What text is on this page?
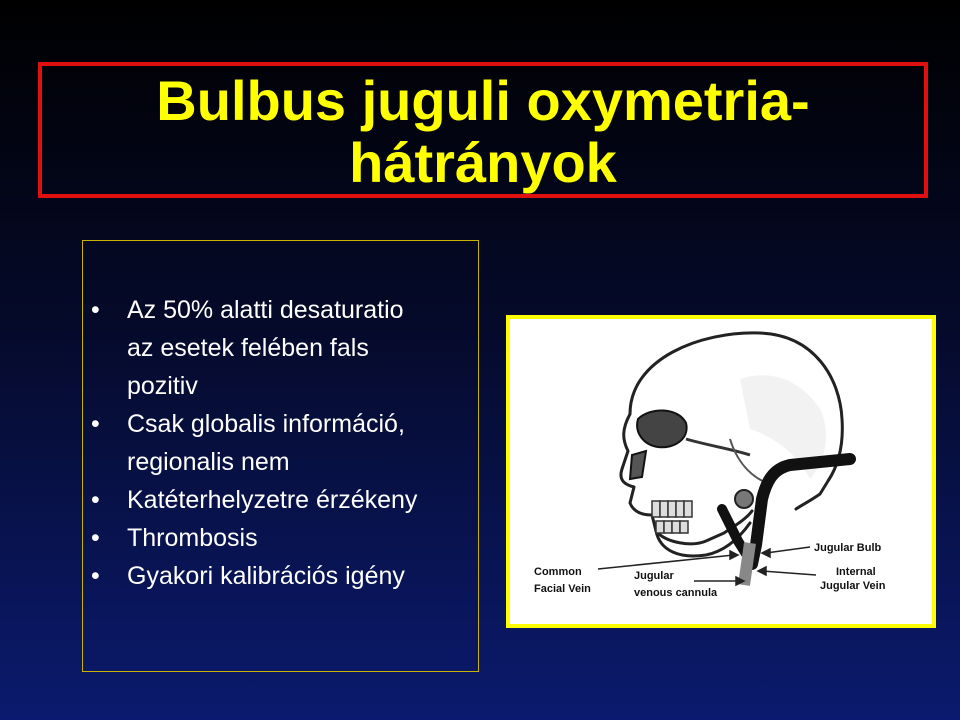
Bulbus juguli oxymetria-
hátrányok
• Az 50% alatti desaturatio
az esetek felében fals
pozitiv
• Csak globalis információ,
regionalis nem
• Katéterhelyzetre érzékeny
• Thrombosis
• Gyakori kalibrációs igény
Jugular Bulb
Internal
Jugular Vein
Common
Facial Vein
Jugular
venous cannula
